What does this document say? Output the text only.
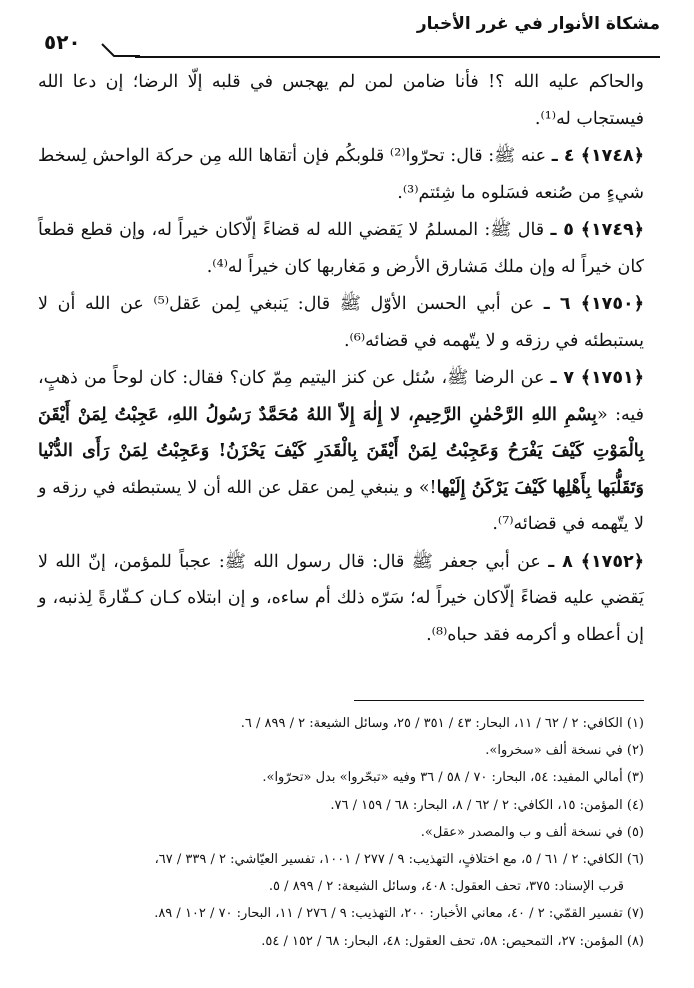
مشكاة الأنوار في غرر الأخبار
٥٢٠

والحاكم عليه الله ؟! فأنا ضامن لمن لم يهجس في قلبه إلّا الرضا؛ إن دعا الله فيستجاب له⁽¹⁾.

﴿١٧٤٨﴾ ٤ ـ عنه ﷺ: قال: تحرّوا⁽²⁾ قلوبكُم فإن أتقاها الله مِن حركة الواحش لِسخط شيءٍ من صُنعه فسَلوه ما شِئتم⁽³⁾.

﴿١٧٤٩﴾ ٥ ـ قال ﷺ: المسلمُ لا يَقضي الله له قضاءً إلّاكان خيراً له، وإن قطع قطعاً كان خيراً له وإن ملك مَشارق الأرض و مَغاربها كان خيراً له⁽⁴⁾.

﴿١٧٥٠﴾ ٦ ـ عن أبي الحسن الأوّل ﷺ قال: يَنبغي لِمن عَقل⁽⁵⁾ عن الله أن لا يستبطئه في رزقه و لا يتّهمه في قضائه⁽⁶⁾.

﴿١٧٥١﴾ ٧ ـ عن الرضا ﷺ، سُئل عن كنز اليتيم مِمّ كان؟ فقال: كان لوحاً من ذهبٍ، فيه: «بِسْمِ اللهِ الرَّحْمٰنِ الرَّحِيمِ، لا إِلٰهَ إِلاّ اللهُ مُحَمَّدٌ رَسُولُ اللهِ، عَجِبْتُ لِمَنْ أَيْقَنَ بِالْمَوْتِ كَيْفَ يَفْرَحُ وَعَجِبْتُ لِمَنْ أَيْقَنَ بِالْقَدَرِ كَيْفَ يَحْزَنُ! وَعَجِبْتُ لِمَنْ رَأَى الدُّنْيا وَتَقَلُّبَها بِأَهْلِها كَيْفَ يَرْكَنُ إِلَيْها!» و ينبغي لِمن عقل عن الله أن لا يستبطئه في رزقه و لا يتّهمه في قضائه⁽⁷⁾.

﴿١٧٥٢﴾ ٨ ـ عن أبي جعفر ﷺ قال: قال رسول الله ﷺ: عجباً للمؤمن، إنّ الله لا يَقضي عليه قضاءً إلّاكان خيراً له؛ سَرّه ذلك أم ساءه، و إن ابتلاه كـان كـفّارةً لِذنبه، و إن أعطاه و أكرمه فقد حباه⁽⁸⁾.

(١) الكافي: ٢ / ٦٢ / ١١، البحار: ٤٣ / ٣٥١ / ٢٥، وسائل الشيعة: ٢ / ٨٩٩ / ٦.

(٢) في نسخة ألف «سخروا».

(٣) أمالي المفيد: ٥٤، البحار: ٧٠ / ٥٨ / ٣٦ وفيه «تبحّروا» بدل «تحرّوا».

(٤) المؤمن: ١٥، الكافي: ٢ / ٦٢ / ٨، البحار: ٦٨ / ١٥٩ / ٧٦.

(٥) في نسخة ألف و ب والمصدر «عقل».

(٦) الكافي: ٢ / ٦١ / ٥، مع اختلافٍ، التهذيب: ٩ / ٢٧٧ / ١٠٠١، تفسير العيّاشي: ٢ / ٣٣٩ / ٦٧،

قرب الإسناد: ٣٧٥، تحف العقول: ٤٠٨، وسائل الشيعة: ٢ / ٨٩٩ / ٥.

(٧) تفسير القمّي: ٢ / ٤٠، معاني الأخبار: ٢٠٠، التهذيب: ٩ / ٢٧٦ / ١١، البحار: ٧٠ / ١٠٢ / ٨٩.

(٨) المؤمن: ٢٧، التمحيص: ٥٨، تحف العقول: ٤٨، البحار: ٦٨ / ١٥٢ / ٥٤.
